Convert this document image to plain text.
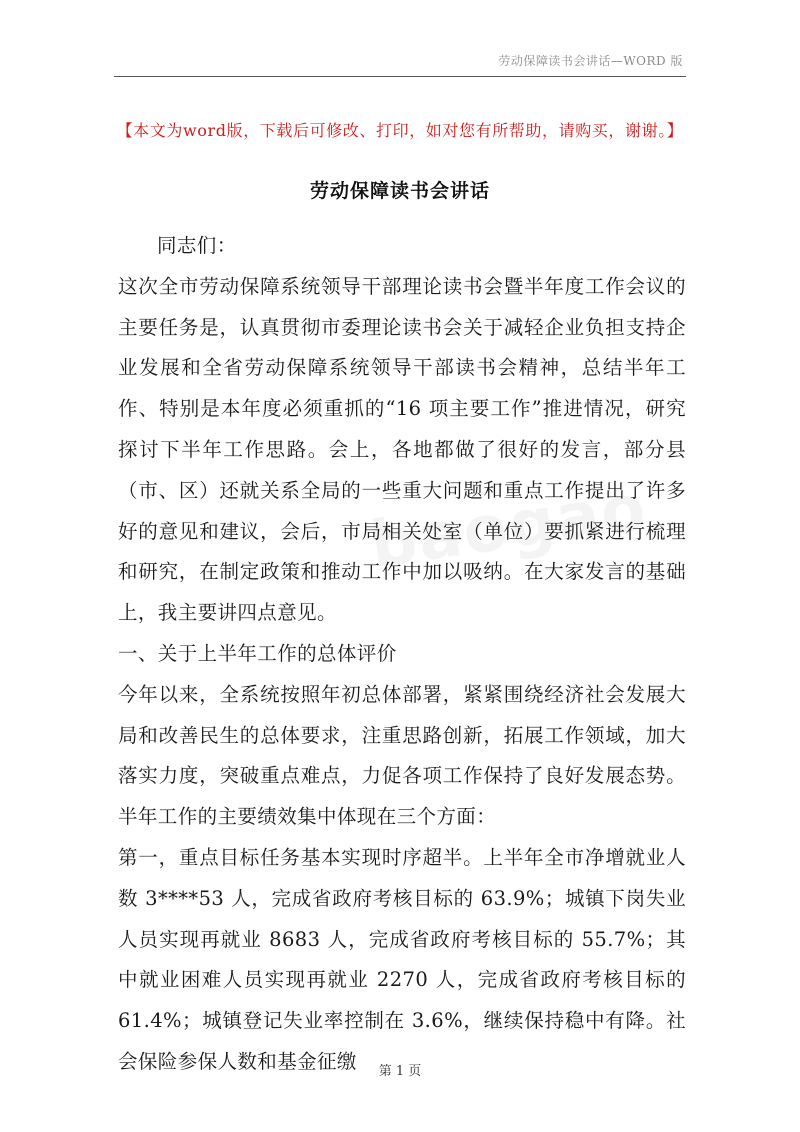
劳动保障读书会讲话—WORD 版
【本文为word版，下载后可修改、打印，如对您有所帮助，请购买，谢谢。】
劳动保障读书会讲话

同志们：

这次全市劳动保障系统领导干部理论读书会暨半年度工作会议的主要任务是，认真贯彻市委理论读书会关于减轻企业负担支持企业发展和全省劳动保障系统领导干部读书会精神，总结半年工作、特别是本年度必须重抓的“16 项主要工作”推进情况，研究探讨下半年工作思路。会上，各地都做了很好的发言，部分县（市、区）还就关系全局的一些重大问题和重点工作提出了许多好的意见和建议，会后，市局相关处室（单位）要抓紧进行梳理和研究，在制定政策和推动工作中加以吸纳。在大家发言的基础上，我主要讲四点意见。

一、关于上半年工作的总体评价

今年以来，全系统按照年初总体部署，紧紧围绕经济社会发展大局和改善民生的总体要求，注重思路创新，拓展工作领域，加大落实力度，突破重点难点，力促各项工作保持了良好发展态势。半年工作的主要绩效集中体现在三个方面：

第一，重点目标任务基本实现时序超半。上半年全市净增就业人数 3****53 人，完成省政府考核目标的 63.9%；城镇下岗失业人员实现再就业 8683 人，完成省政府考核目标的 55.7%；其中就业困难人员实现再就业 2270 人，完成省政府考核目标的 61.4%；城镇登记失业率控制在 3.6%，继续保持稳中有降。社会保险参保人数和基金征缴	第 1 页
